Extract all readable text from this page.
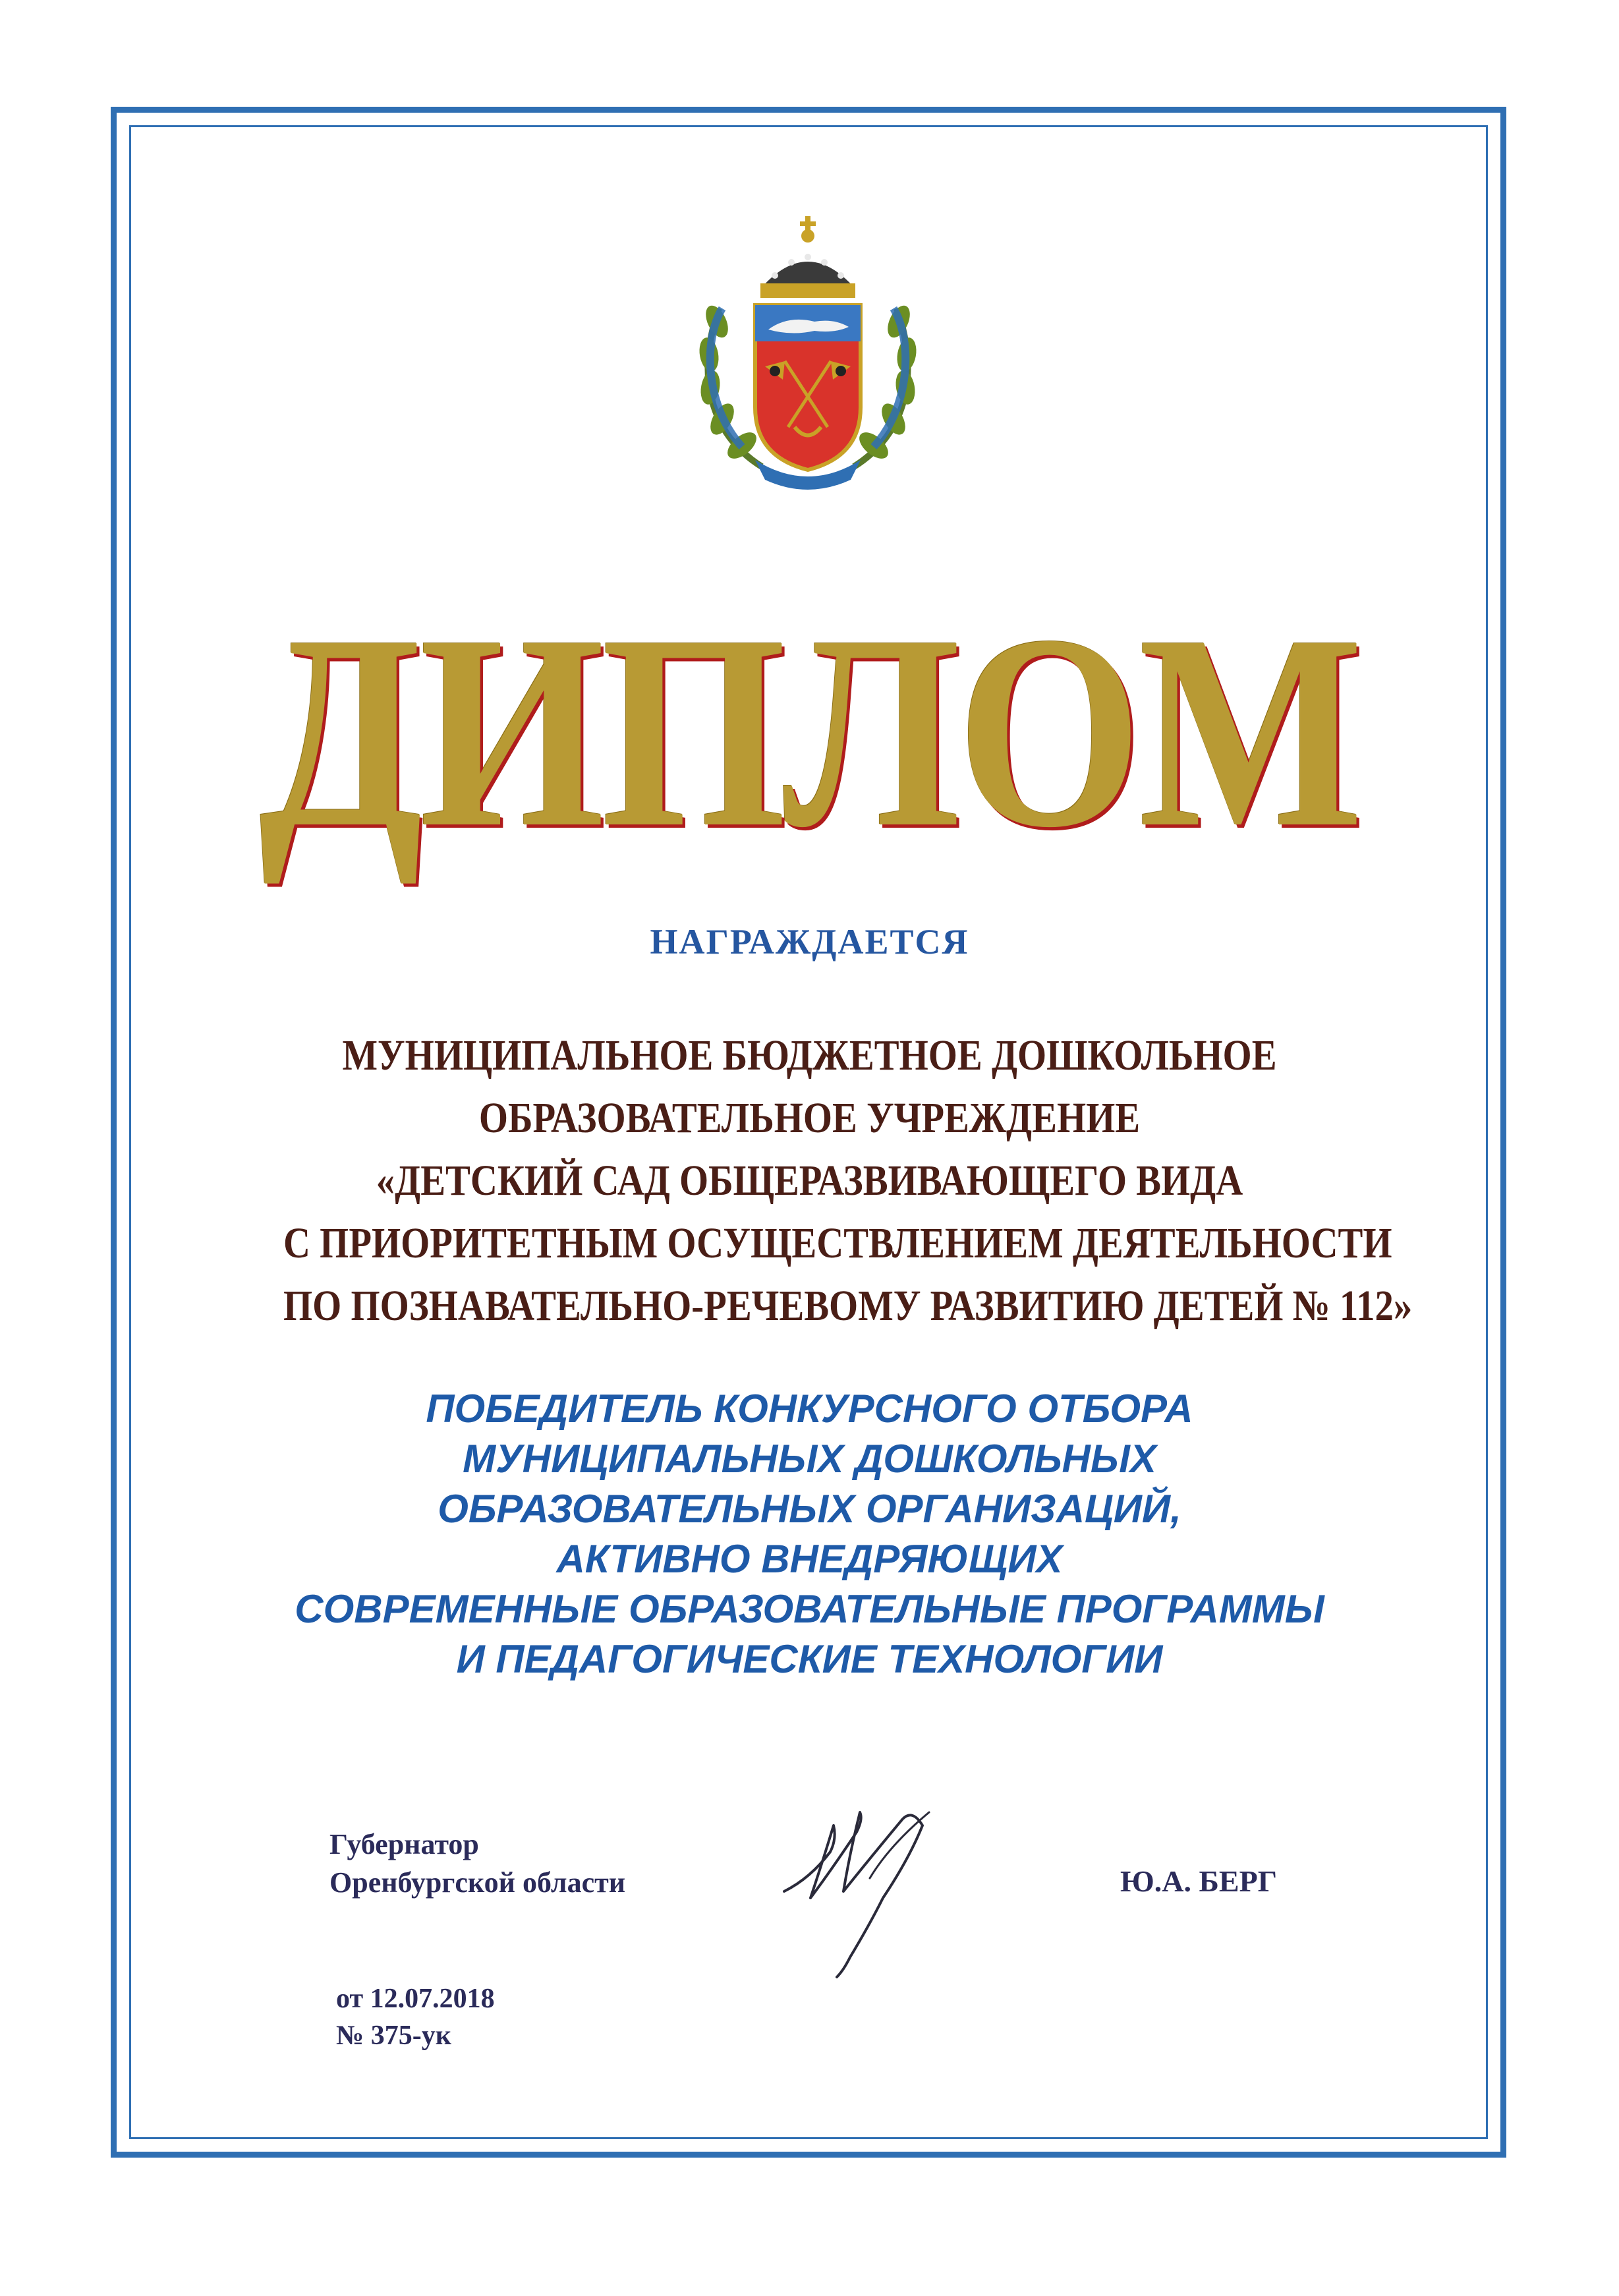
ДИПЛОМ
НАГРАЖДАЕТСЯ
МУНИЦИПАЛЬНОЕ БЮДЖЕТНОЕ ДОШКОЛЬНОЕ
ОБРАЗОВАТЕЛЬНОЕ УЧРЕЖДЕНИЕ
«ДЕТСКИЙ САД ОБЩЕРАЗВИВАЮЩЕГО ВИДА
С ПРИОРИТЕТНЫМ ОСУЩЕСТВЛЕНИЕМ ДЕЯТЕЛЬНОСТИ
ПО ПОЗНАВАТЕЛЬНО-РЕЧЕВОМУ РАЗВИТИЮ ДЕТЕЙ № 112»
ПОБЕДИТЕЛЬ КОНКУРСНОГО ОТБОРА
МУНИЦИПАЛЬНЫХ ДОШКОЛЬНЫХ
ОБРАЗОВАТЕЛЬНЫХ ОРГАНИЗАЦИЙ,
АКТИВНО ВНЕДРЯЮЩИХ
СОВРЕМЕННЫЕ ОБРАЗОВАТЕЛЬНЫЕ ПРОГРАММЫ
И ПЕДАГОГИЧЕСКИЕ ТЕХНОЛОГИИ
Губернатор
Оренбургской области	Ю.А. БЕРГ
от 12.07.2018
№ 375-ук
